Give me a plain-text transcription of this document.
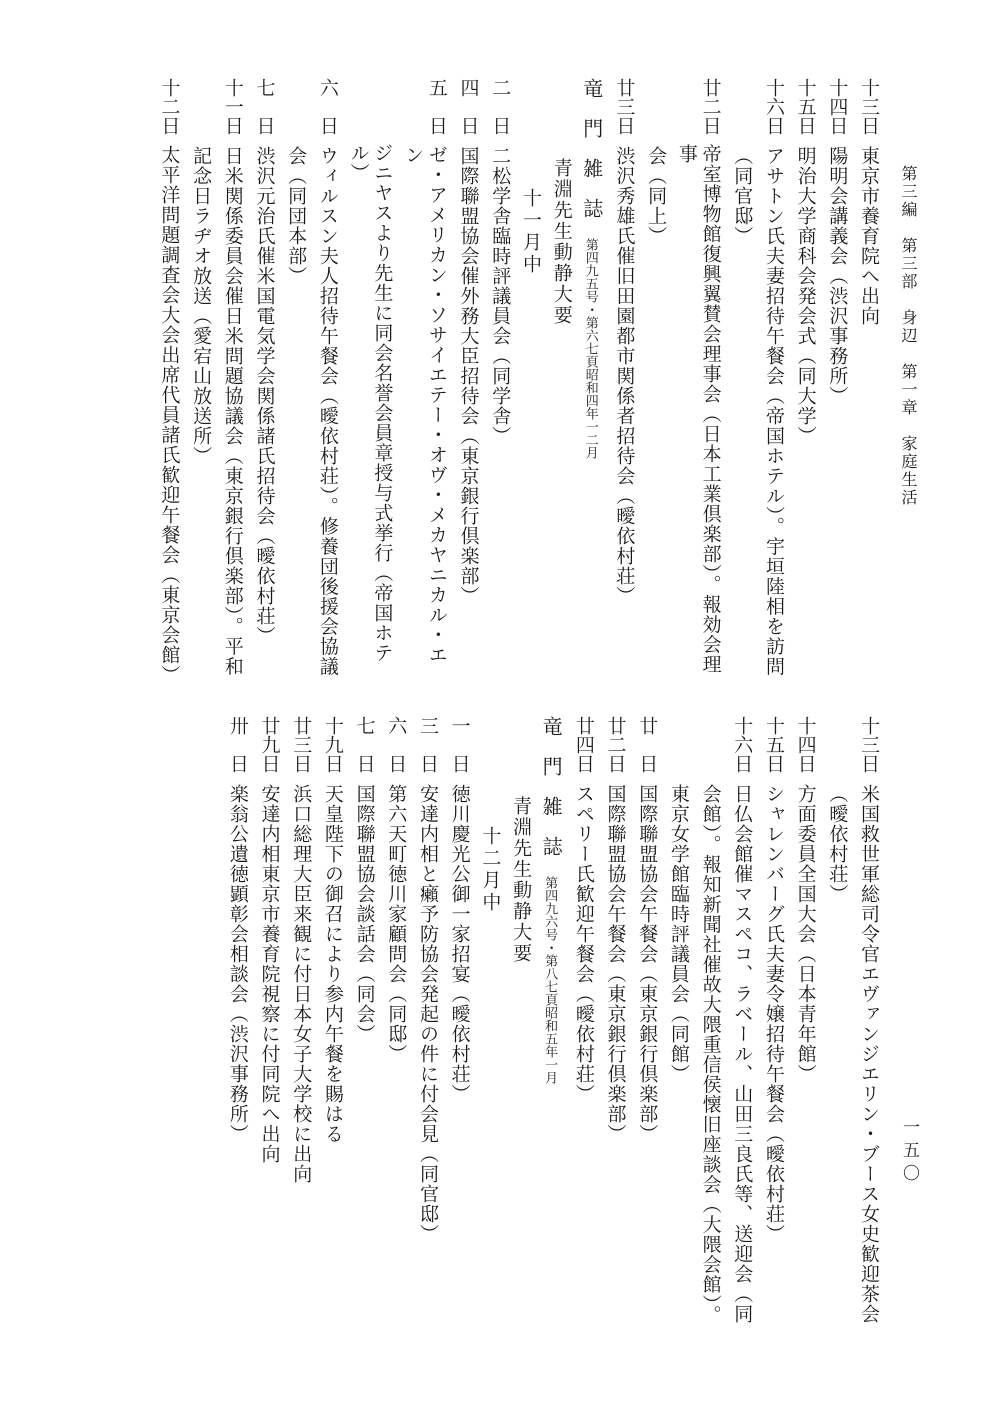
第三編　第三部　身辺　第一章　家庭生活
一五〇
十三日
東京市養育院へ出向
十四日
陽明会講義会（渋沢事務所）
十五日
明治大学商科会発会式（同大学）
十六日
アサトン氏夫妻招待午餐会（帝国ホテル）。宇垣陸相を訪問
（同官邸）
廿二日
帝室博物館復興翼賛会理事会（日本工業倶楽部）。報効会理事
会（同上）
廿三日
渋沢秀雄氏催旧田園都市関係者招待会（曖依村荘）
竜門雑誌
第四九五号・第六七頁
昭和四年一二月
青淵先生動静大要
十一月中
二　日
二松学舎臨時評議員会（同学舎）
四　日
国際聯盟協会催外務大臣招待会（東京銀行倶楽部）
五　日
ゼ・アメリカン・ソサイエテー・オヴ・メカヤニカル・エン
ジニヤスより先生に同会名誉会員章授与式挙行（帝国ホテル）
六　日
ウィルスン夫人招待午餐会（曖依村荘）。修養団後援会協議
会（同団本部）
七　日
渋沢元治氏催米国電気学会関係諸氏招待会（曖依村荘）
十一日
日米関係委員会催日米問題協議会（東京銀行倶楽部）。平和
記念日ラヂオ放送（愛宕山放送所）
十二日
太平洋問題調査会大会出席代員諸氏歓迎午餐会（東京会館）
十三日
米国救世軍総司令官エヴァンジエリン・ブース女史歓迎茶会
（曖依村荘）
十四日
方面委員全国大会（日本青年館）
十五日
シャレンバーグ氏夫妻令嬢招待午餐会（曖依村荘）
十六日
日仏会館催マスペコ、ラベール、山田三良氏等、送迎会（同
会館）。報知新聞社催故大隈重信侯懐旧座談会（大隈会館）。
東京女学館臨時評議員会（同館）
廿　日
国際聯盟協会午餐会（東京銀行倶楽部）
廿二日
国際聯盟協会午餐会（東京銀行倶楽部）
廿四日
スペリー氏歓迎午餐会（曖依村荘）
竜門雑誌
第四九六号・第八七頁
昭和五年一月
青淵先生動静大要
十二月中
一　日
徳川慶光公御一家招宴（曖依村荘）
三　日
安達内相と癩予防協会発起の件に付会見（同官邸）
六　日
第六天町徳川家顧問会（同邸）
七　日
国際聯盟協会談話会（同会）
十九日
天皇陛下の御召により参内午餐を賜はる
廿三日
浜口総理大臣来観に付日本女子大学校に出向
廿九日
安達内相東京市養育院視察に付同院へ出向
卅　日
楽翁公遺徳顕彰会相談会（渋沢事務所）
